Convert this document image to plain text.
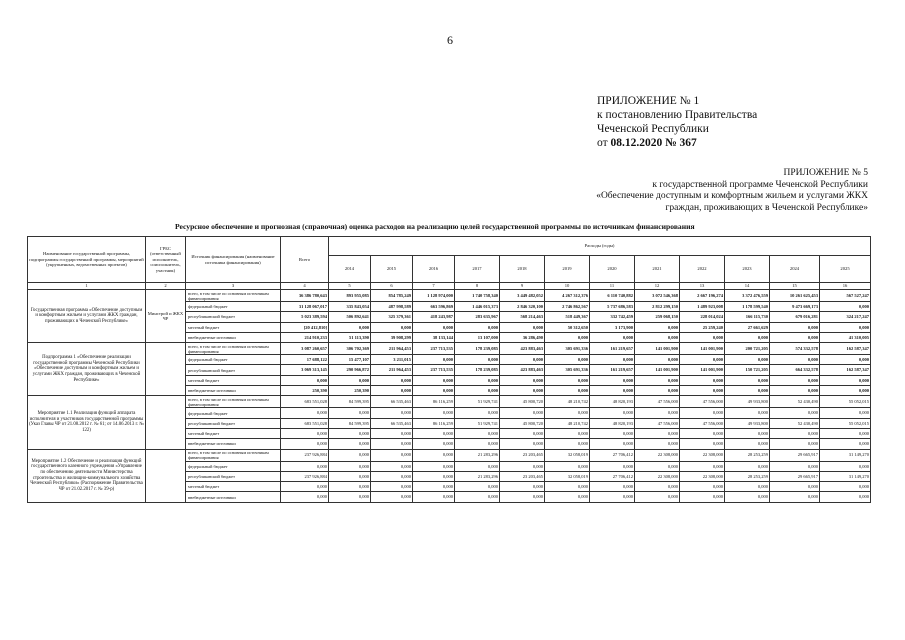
6
ПРИЛОЖЕНИЕ № 1
к постановлению Правительства
Чеченской Республики
от 08.12.2020 № 367
ПРИЛОЖЕНИЕ № 5
к государственной программе Чеченской Республики
«Обеспечение доступным и комфортным жильем и услугами ЖКХ
граждан, проживающих в Чеченской Республике»
Ресурсное обеспечение и прогнозная (справочная) оценка расходов на реализацию целей государственной программы по источникам финансирования
Наименование государственной программы, подпрограммы государственной программы, мероприятий (укрупненных, ведомственных проектов)	ГРБС (ответственный исполнитель, соисполнитель, участник)	Источник финансирования (наименование источника финансирования)	Всего	Расходы (годы)											
				2014	2015	2016	2017	2018	2019	2020	2021	2022	2023	2024	2025
1	2	3	4	5	6	7	8	9	10	11	12	13	14	15	16
Государственная программа «Обеспечение доступным и комфортным жильем и услугами ЖКХ граждан, проживающих в Чеченской Республике»	Минстрой и ЖКХ ЧР	всего, в том числе по основным источникам финансирования	36 386 780,643	893 955,085	854 785,249	1 128 974,000	1 740 758,340	3 449 482,052	4 267 312,376	6 110 740,882	3 072 546,368	2 667 196,274	3 372 476,559	10 261 625,453	567 527,247
		федеральный бюджет	31 128 067,017	335 843,054	487 998,589	663 596,869	1 446 015,373	2 846 320,100	2 746 862,567	5 737 686,583	2 812 299,150	1 489 923,008	1 178 599,540	9 473 669,173	0,000
		республиканский бюджет	5 023 389,594	506 892,641	325 379,361	418 243,987	283 635,967	568 214,463	518 449,367	332 742,459	259 068,150	228 014,024	166 115,730	679 016,281	324 217,247
		местный бюджет	[20 412,810]	0,000	0,000	0,000	0,000	0,000	50 312,650	3 173,900	0,000	25 259,240	27 661,629	0,000	0,000
		внебюджетные источники	214 910,233	51 113,390	39 908,299	38 133,144	13 107,000	36 286,490	0,000	0,000	0,000	0,000	0,000	0,000	41 310,005
Подпрограмма 1 «Обеспечение реализации государственной программы Чеченской Республики «Обеспечение доступным и комфортным жильем и услугами ЖКХ граждан, проживающих в Чеченской Республике»		всего, в том числе по основным источникам финансирования	3 087 260,657	306 702,369	211 964,453	237 713,535	178 239,085	423 883,463	305 691,336	161 219,657	141 001,900	141 001,900	200 721,205	574 332,578	162 587,347
		федеральный бюджет	17 688,122	15 477,107	3 211,015	0,000	0,000	0,000	0,000	0,000	0,000	0,000	0,000	0,000	0,000
		республиканский бюджет	3 069 313,145	290 966,872	211 964,453	237 713,535	178 239,085	423 883,463	305 691,336	161 219,657	141 001,900	141 001,900	150 721,205	664 332,578	162 587,347
		местный бюджет	0,000	0,000	0,000	0,000	0,000	0,000	0,000	0,000	0,000	0,000	0,000	0,000	0,000
		внебюджетные источники	250,390	250,390	0,000	0,000	0,000	0,000	0,000	0,000	0,000	0,000	0,000	0,000	0,000
Мероприятие 1.1 Реализация функций аппарата исполнителя и участников государственной программы (Указ Главы ЧР от 21.08.2012 г. № 61; от 14.06.2013 г. № 122)		всего, в том числе по основным источникам финансирования	683 551,028	84 599,395	66 535,463	86 116,259	51 929,741	45 800,720	48 210,742	48 820,193	47 556,000	47 556,000	49 933,800	52 430,490	55 052,015
		федеральный бюджет	0,000	0,000	0,000	0,000	0,000	0,000	0,000	0,000	0,000	0,000	0,000	0,000	0,000
		республиканский бюджет	683 551,028	84 599,395	66 535,463	86 116,259	51 929,741	45 800,720	48 210,742	48 820,193	47 556,000	47 556,000	49 933,800	52 430,490	55 052,015
		местный бюджет	0,000	0,000	0,000	0,000	0,000	0,000	0,000	0,000	0,000	0,000	0,000	0,000	0,000
		внебюджетные источники	0,000	0,000	0,000	0,000	0,000	0,000	0,000	0,000	0,000	0,000	0,000	0,000	0,000
Мероприятие 1.2 Обеспечение и реализация функций государственного казенного учреждения «Управление по обеспечению деятельности Министерства строительства и жилищно-коммунального хозяйства Чеченской Республики» (Распоряжение Правительства ЧР от 21.02.2017 г. № 39-р)		всего, в том числе по основным источникам финансирования	237 926,884	0,000	0,000	0,000	21 283,296	23 203,465	32 058,019	27 706,412	22 308,000	22 308,000	28 253,259	29 665,917	31 149,270
		федеральный бюджет	0,000	0,000	0,000	0,000	0,000	0,000	0,000	0,000	0,000	0,000	0,000	0,000	0,000
		республиканский бюджет	237 926,884	0,000	0,000	0,000	21 283,296	23 203,465	32 058,019	27 706,412	22 308,000	22 308,000	28 253,259	29 665,917	31 149,270
		местный бюджет	0,000	0,000	0,000	0,000	0,000	0,000	0,000	0,000	0,000	0,000	0,000	0,000	0,000
		внебюджетные источники	0,000	0,000	0,000	0,000	0,000	0,000	0,000	0,000	0,000	0,000	0,000	0,000	0,000
